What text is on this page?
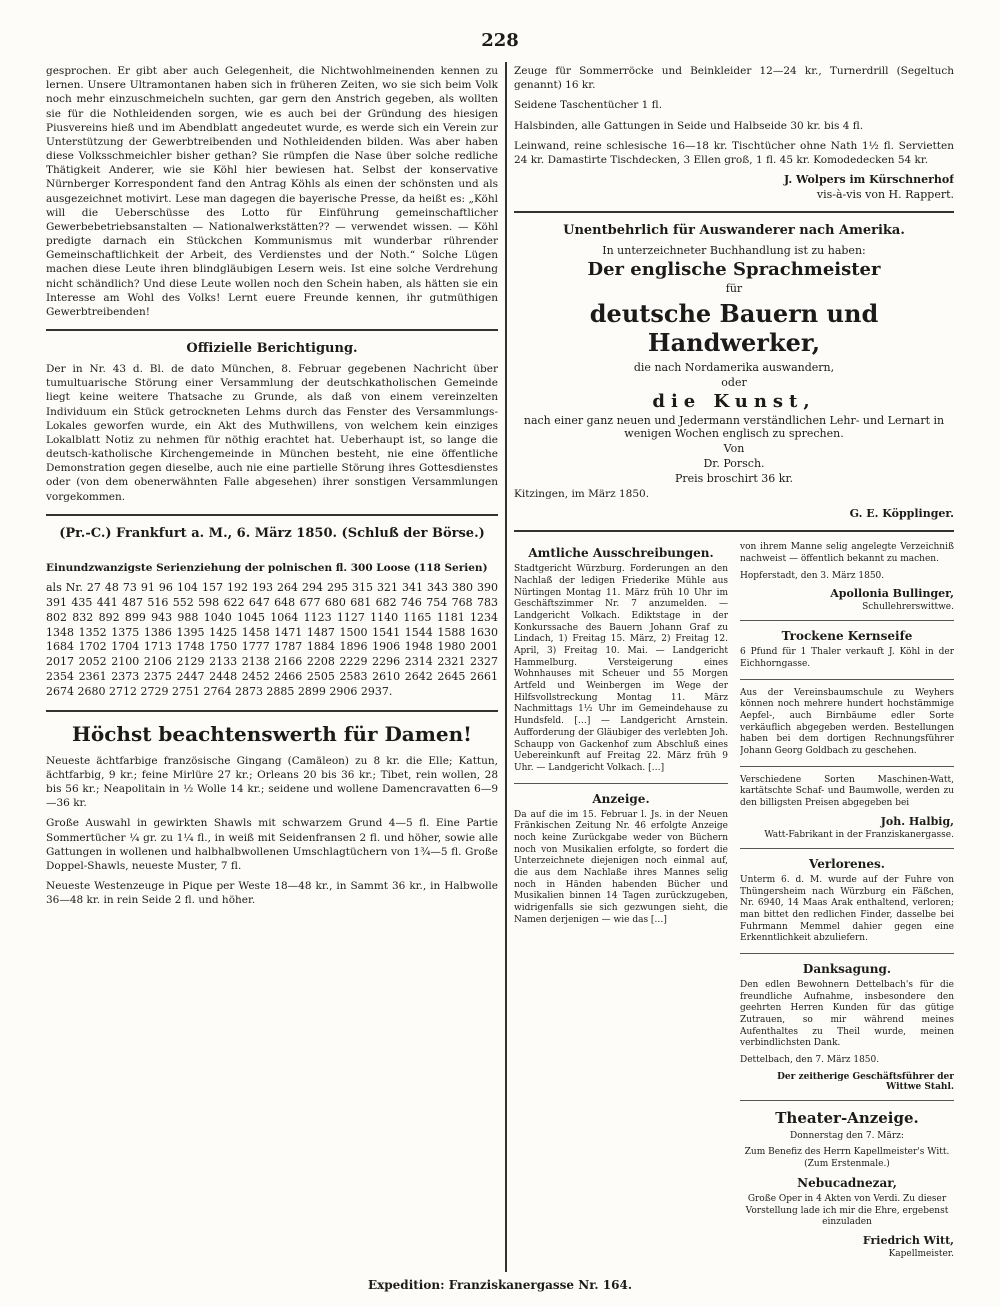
228

gesprochen. Er gibt aber auch Gelegenheit, die Nichtwohlmeinenden kennen zu lernen. Unsere Ultramontanen haben sich in früheren Zeiten, wo sie sich beim Volk noch mehr einzuschmeicheln suchten, gar gern den Anstrich gegeben, als wollten sie für die Nothleidenden sorgen, wie es auch bei der Gründung des hiesigen Piusvereins hieß und im Abendblatt angedeutet wurde, es werde sich ein Verein zur Unterstützung der Gewerbtreibenden und Nothleidenden bilden. Was aber haben diese Volksschmeichler bisher gethan? Sie rümpfen die Nase über solche redliche Thätigkeit Anderer, wie sie Köhl hier bewiesen hat. Selbst der konservative Nürnberger Korrespondent fand den Antrag Köhls als einen der schönsten und als ausgezeichnet motivirt. Lese man dagegen die bayerische Presse, da heißt es: „Köhl will die Ueberschüsse des Lotto für Einführung gemeinschaftlicher Gewerbebetriebsanstalten — Nationalwerkstätten?? — verwendet wissen. — Köhl predigte darnach ein Stückchen Kommunismus mit wunderbar rührender Gemeinschaftlichkeit der Arbeit, des Verdienstes und der Noth.“ Solche Lügen machen diese Leute ihren blindgläubigen Lesern weis. Ist eine solche Verdrehung nicht schändlich? Und diese Leute wollen noch den Schein haben, als hätten sie ein Interesse am Wohl des Volks! Lernt euere Freunde kennen, ihr gutmüthigen Gewerbtreibenden!

Offizielle Berichtigung.

Der in Nr. 43 d. Bl. de dato München, 8. Februar gegebenen Nachricht über tumultuarische Störung einer Versammlung der deutschkatholischen Gemeinde liegt keine weitere Thatsache zu Grunde, als daß von einem vereinzelten Individuum ein Stück getrockneten Lehms durch das Fenster des Versammlungs-Lokales geworfen wurde, ein Akt des Muthwillens, von welchem kein einziges Lokalblatt Notiz zu nehmen für nöthig erachtet hat. Ueberhaupt ist, so lange die deutsch-katholische Kirchengemeinde in München besteht, nie eine öffentliche Demonstration gegen dieselbe, auch nie eine partielle Störung ihres Gottesdienstes oder (von dem obenerwähnten Falle abgesehen) ihrer sonstigen Versammlungen vorgekommen.

(Pr.-C.) Frankfurt a. M., 6. März 1850. (Schluß der Börse.)

Einundzwanzigste Serienziehung der polnischen fl. 300 Loose (118 Serien)

als Nr. 27 48 73 91 96 104 157 192 193 264 294 295 315 321 341 343 380 390 391 435 441 487 516 552 598 622 647 648 677 680 681 682 746 754 768 783 802 832 892 899 943 988 1040 1045 1064 1123 1127 1140 1165 1181 1234 1348 1352 1375 1386 1395 1425 1458 1471 1487 1500 1541 1544 1588 1630 1684 1702 1704 1713 1748 1750 1777 1787 1884 1896 1906 1948 1980 2001 2017 2052 2100 2106 2129 2133 2138 2166 2208 2229 2296 2314 2321 2327 2354 2361 2373 2375 2447 2448 2452 2466 2505 2583 2610 2642 2645 2661 2674 2680 2712 2729 2751 2764 2873 2885 2899 2906 2937.

Höchst beachtenswerth für Damen!

Neueste ächtfarbige französische Gingang (Camäleon) zu 8 kr. die Elle; Kattun, ächtfarbig, 9 kr.; feine Mirlüre 27 kr.; Orleans 20 bis 36 kr.; Tibet, rein wollen, 28 bis 56 kr.; Neapolitain in ½ Wolle 14 kr.; seidene und wollene Damencravatten 6—9—36 kr.

Große Auswahl in gewirkten Shawls mit schwarzem Grund 4—5 fl. Eine Partie Sommertücher ¼ gr. zu 1¼ fl., in weiß mit Seidenfransen 2 fl. und höher, sowie alle Gattungen in wollenen und halbhalbwollenen Umschlagtüchern von 1¾—5 fl. Große Doppel-Shawls, neueste Muster, 7 fl.

Neueste Westenzeuge in Pique per Weste 18—48 kr., in Sammt 36 kr., in Halbwolle 36—48 kr. in rein Seide 2 fl. und höher.

Zeuge für Sommerröcke und Beinkleider 12—24 kr., Turnerdrill (Segeltuch genannt) 16 kr.

Seidene Taschentücher 1 fl.

Halsbinden, alle Gattungen in Seide und Halbseide 30 kr. bis 4 fl.

Leinwand, reine schlesische 16—18 kr. Tischtücher ohne Nath 1½ fl. Servietten 24 kr. Damastirte Tischdecken, 3 Ellen groß, 1 fl. 45 kr. Komodedecken 54 kr.

J. Wolpers im Kürschnerhof
vis-à-vis von H. Rappert.
Unentbehrlich für Auswanderer nach Amerika.
In unterzeichneter Buchhandlung ist zu haben:
Der englische Sprachmeister
für
deutsche Bauern und Handwerker,
die nach Nordamerika auswandern,
oder
die Kunst,
nach einer ganz neuen und Jedermann verständlichen Lehr- und Lernart in wenigen Wochen englisch zu sprechen.
Von
Dr. Porsch.
Preis broschirt 36 kr.

Kitzingen, im März 1850.

G. E. Köpplinger.
Amtliche Ausschreibungen.

Stadtgericht Würzburg. Forderungen an den Nachlaß der ledigen Friederike Mühle aus Nürtingen Montag 11. März früh 10 Uhr im Geschäftszimmer Nr. 7 anzumelden. — Landgericht Volkach. Ediktstage in der Konkurssache des Bauern Johann Graf zu Lindach, 1) Freitag 15. März, 2) Freitag 12. April, 3) Freitag 10. Mai. — Landgericht Hammelburg. Versteigerung eines Wohnhauses mit Scheuer und 55 Morgen Artfeld und Weinbergen im Wege der Hilfsvollstreckung Montag 11. März Nachmittags 1½ Uhr im Gemeindehause zu Hundsfeld. […] — Landgericht Arnstein. Aufforderung der Gläubiger des verlebten Joh. Schaupp von Gackenhof zum Abschluß eines Uebereinkunft auf Freitag 22. März früh 9 Uhr. — Landgericht Volkach. […]

Anzeige.

Da auf die im 15. Februar l. Js. in der Neuen Fränkischen Zeitung Nr. 46 erfolgte Anzeige noch keine Zurückgabe weder von Büchern noch von Musikalien erfolgte, so fordert die Unterzeichnete diejenigen noch einmal auf, die aus dem Nachlaße ihres Mannes selig noch in Händen habenden Bücher und Musikalien binnen 14 Tagen zurückzugeben, widrigenfalls sie sich gezwungen sieht, die Namen derjenigen — wie das […]

von ihrem Manne selig angelegte Verzeichniß nachweist — öffentlich bekannt zu machen.

Hopferstadt, den 3. März 1850.

Apollonia Bullinger,
Schullehrerswittwe.
Trockene Kernseife

6 Pfund für 1 Thaler verkauft J. Köhl in der Eichhorngasse.

Aus der Vereinsbaumschule zu Weyhers können noch mehrere hundert hochstämmige Aepfel-, auch Birnbäume edler Sorte verkäuflich abgegeben werden. Bestellungen haben bei dem dortigen Rechnungsführer Johann Georg Goldbach zu geschehen.

Verschiedene Sorten Maschinen-Watt, kartätschte Schaf- und Baumwolle, werden zu den billigsten Preisen abgegeben bei

Joh. Halbig,
Watt-Fabrikant in der Franziskanergasse.
Verlorenes.

Unterm 6. d. M. wurde auf der Fuhre von Thüngersheim nach Würzburg ein Fäßchen, Nr. 6940, 14 Maas Arak enthaltend, verloren; man bittet den redlichen Finder, dasselbe bei Fuhrmann Memmel dahier gegen eine Erkenntlichkeit abzuliefern.

Danksagung.

Den edlen Bewohnern Dettelbach's für die freundliche Aufnahme, insbesondere den geehrten Herren Kunden für das gütige Zutrauen, so mir während meines Aufenthaltes zu Theil wurde, meinen verbindlichsten Dank.

Dettelbach, den 7. März 1850.

Der zeitherige Geschäftsführer der Wittwe Stahl.
Theater-Anzeige.

Donnerstag den 7. März:

Zum Benefiz des Herrn Kapellmeister's Witt. (Zum Erstenmale.)

Nebucadnezar,

Große Oper in 4 Akten von Verdi. Zu dieser Vorstellung lade ich mir die Ehre, ergebenst einzuladen

Friedrich Witt,
Kapellmeister.
Expedition: Franziskanergasse Nr. 164.
